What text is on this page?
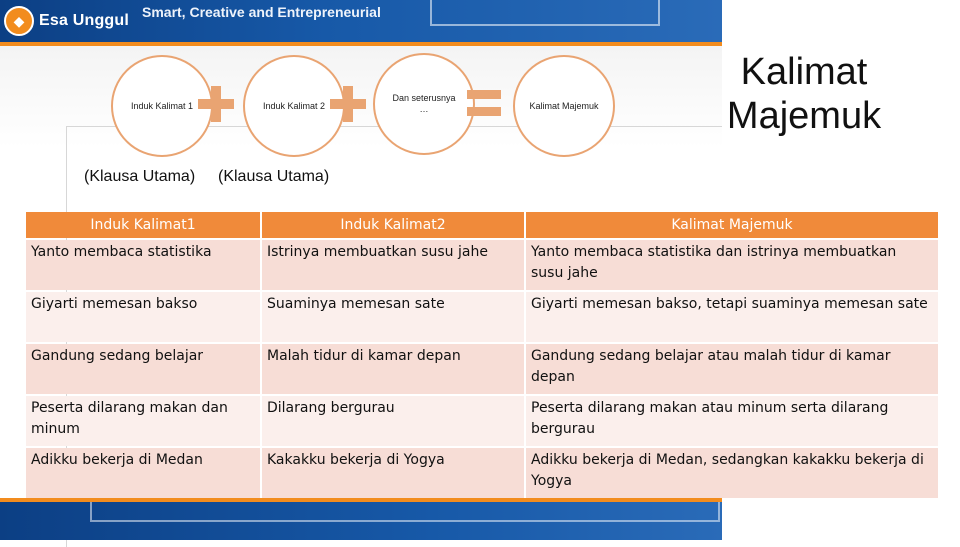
◆ Esa Unggul Smart, Creative and Entrepreneurial
Induk Kalimat 1	Induk Kalimat 2
Dan seterusnya …	Kalimat Majemuk
Kalimat
Majemuk
(Klausa Utama) (Klausa Utama)
Induk Kalimat1	Induk Kalimat2	Kalimat Majemuk
Yanto membaca statistika	Istrinya membuatkan susu jahe	Yanto membaca statistika dan istrinya membuatkan susu jahe
Giyarti memesan bakso	Suaminya memesan sate	Giyarti memesan bakso, tetapi suaminya memesan sate
Gandung sedang belajar	Malah tidur di kamar depan	Gandung sedang belajar atau malah tidur di kamar depan
Peserta dilarang makan dan minum	Dilarang bergurau	Peserta dilarang makan atau minum serta dilarang bergurau
Adikku bekerja di Medan	Kakakku bekerja di Yogya	Adikku bekerja di Medan, sedangkan kakakku bekerja di Yogya
